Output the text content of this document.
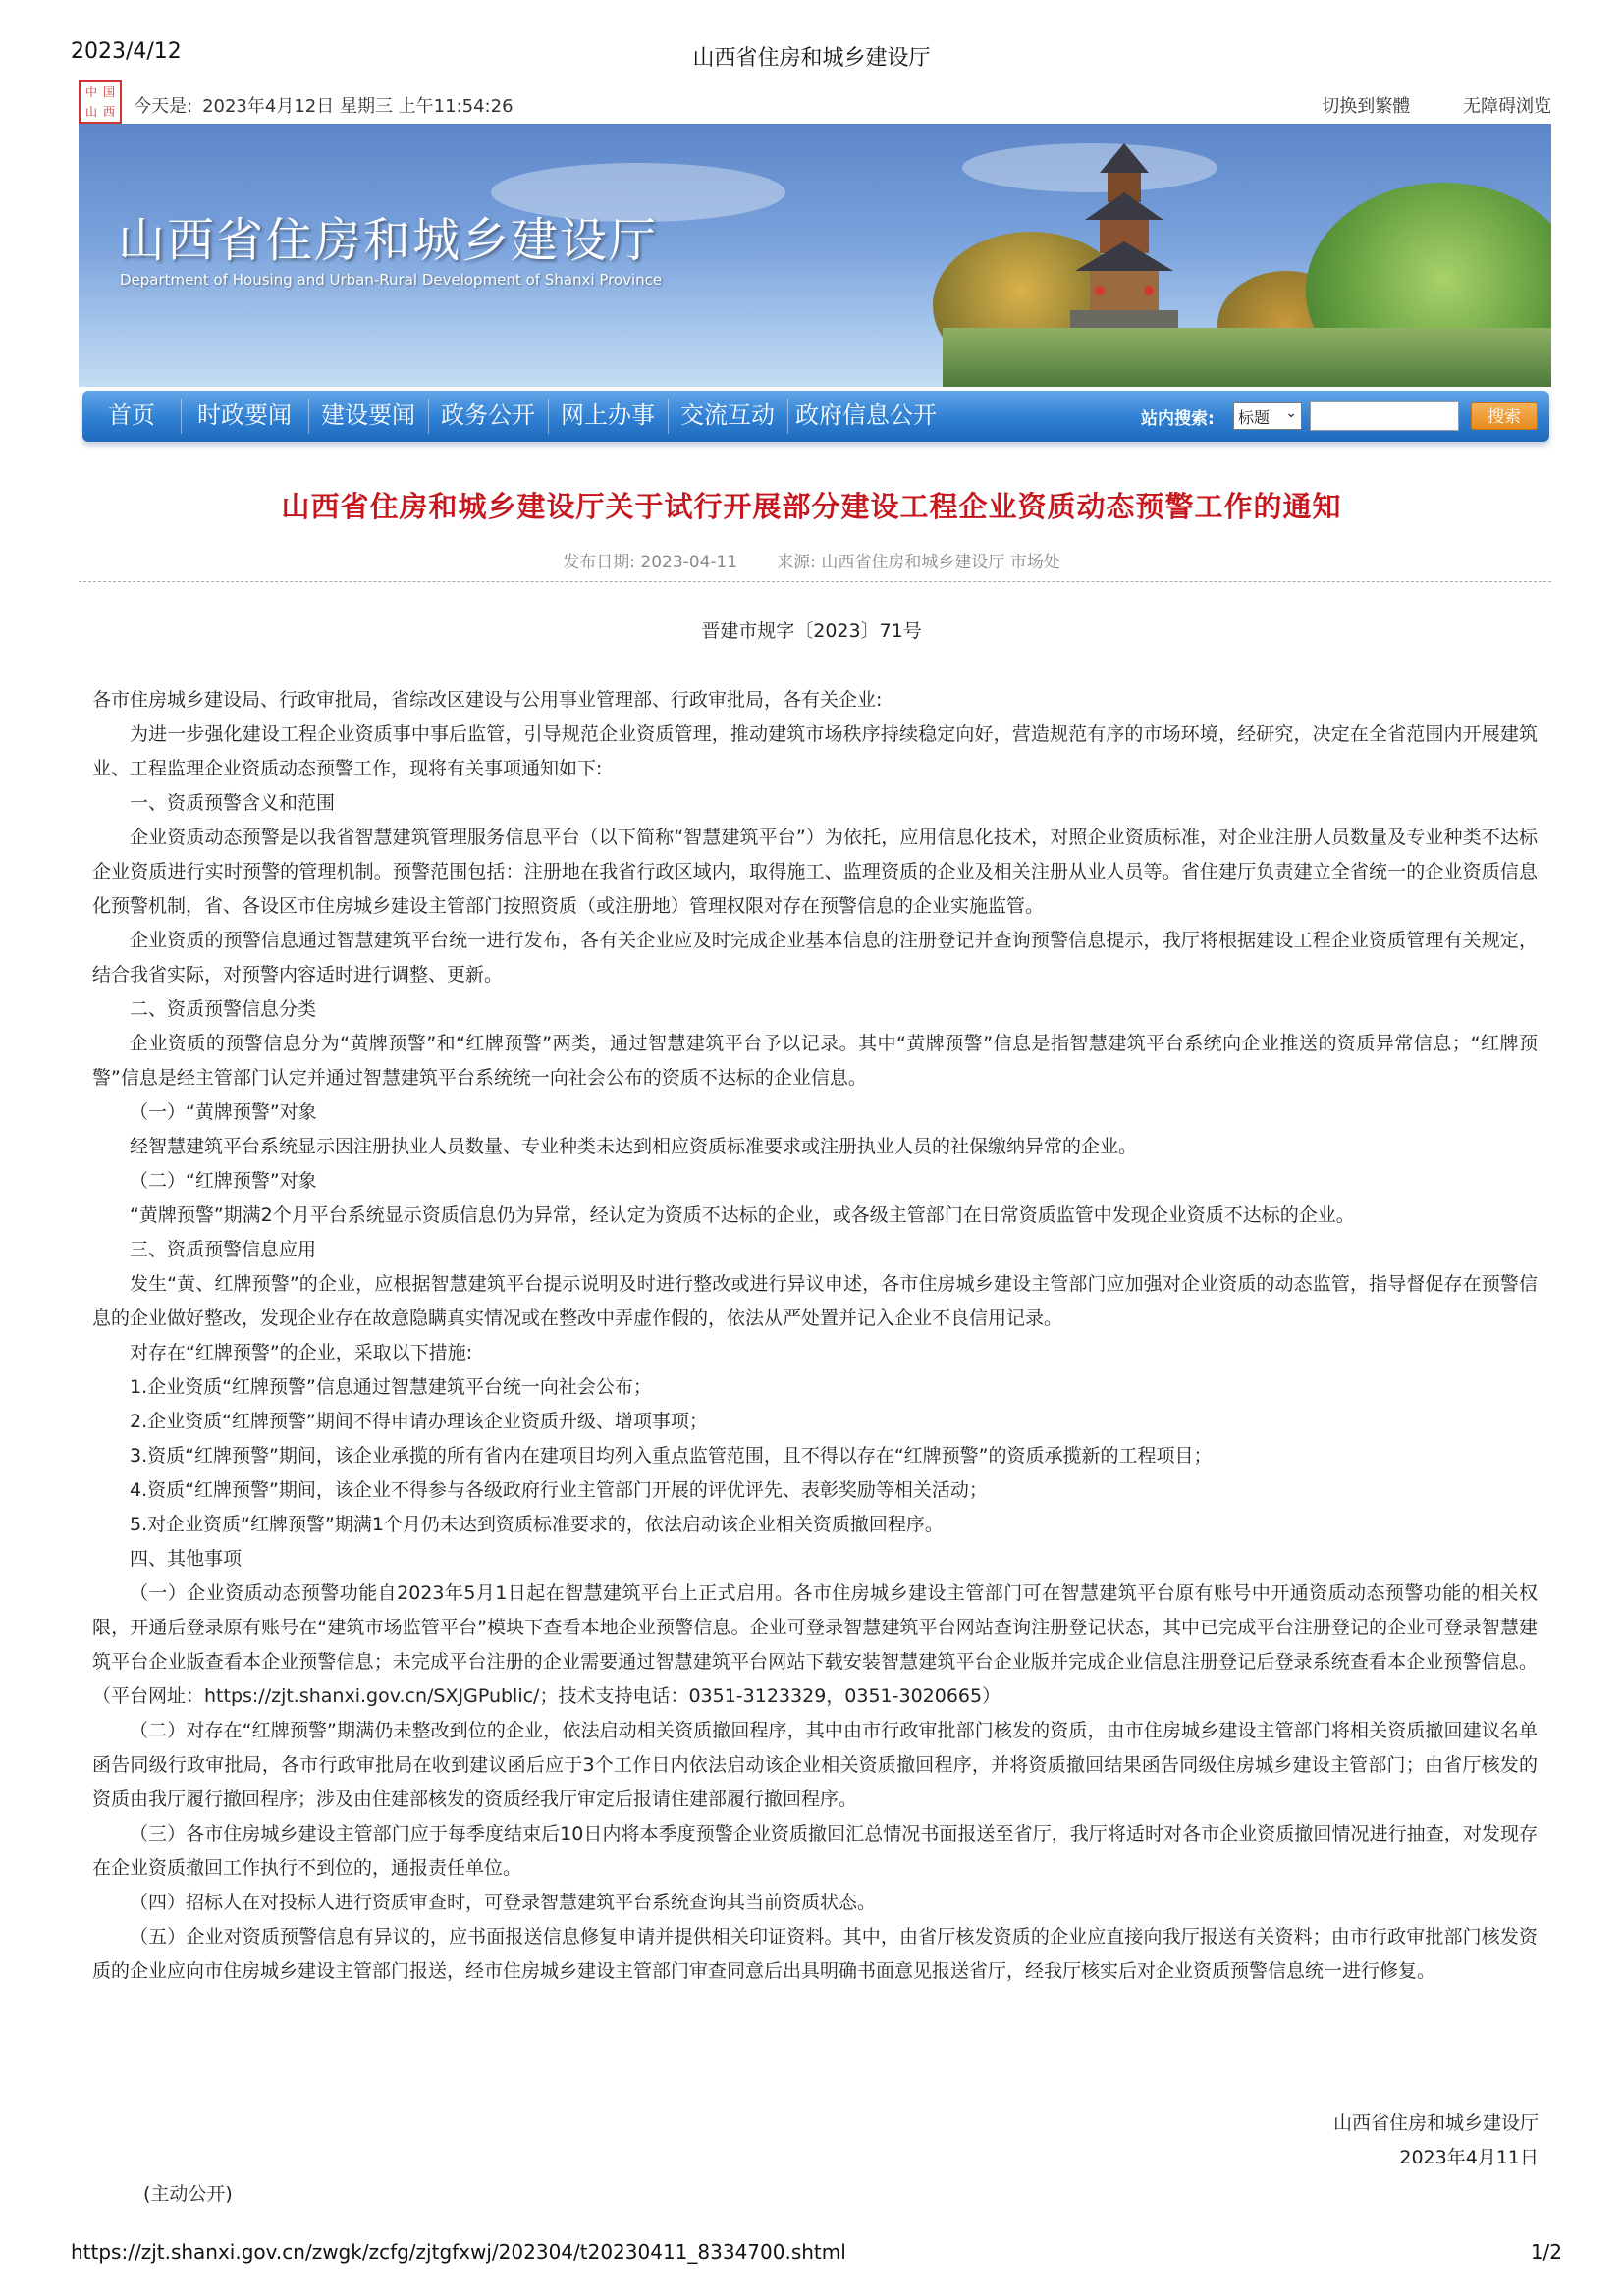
2023/4/12	山西省住房和城乡建设厅
中 国
山 西 今天是: 2023年4月12日 星期三 上午11:54:26	切换到繁體	无障碍浏览
山西省住房和城乡建设厅
Department of Housing and Urban-Rural Development of Shanxi Province
首页	时政要闻	建设要闻	政务公开	网上办事	交流互动 政府信息公开	站内搜索:	标题 ⌄	搜索
山西省住房和城乡建设厅关于试行开展部分建设工程企业资质动态预警工作的通知
发布日期: 2023-04-11 来源: 山西省住房和城乡建设厅 市场处
晋建市规字〔2023〕71号

各市住房城乡建设局、行政审批局，省综改区建设与公用事业管理部、行政审批局，各有关企业:

为进一步强化建设工程企业资质事中事后监管，引导规范企业资质管理，推动建筑市场秩序持续稳定向好，营造规范有序的市场环境，经研究，决定在全省范围内开展建筑业、工程监理企业资质动态预警工作，现将有关事项通知如下:

一、资质预警含义和范围

企业资质动态预警是以我省智慧建筑管理服务信息平台（以下简称“智慧建筑平台”）为依托，应用信息化技术，对照企业资质标准，对企业注册人员数量及专业种类不达标企业资质进行实时预警的管理机制。预警范围包括：注册地在我省行政区域内，取得施工、监理资质的企业及相关注册从业人员等。省住建厅负责建立全省统一的企业资质信息化预警机制，省、各设区市住房城乡建设主管部门按照资质（或注册地）管理权限对存在预警信息的企业实施监管。

企业资质的预警信息通过智慧建筑平台统一进行发布，各有关企业应及时完成企业基本信息的注册登记并查询预警信息提示，我厅将根据建设工程企业资质管理有关规定，结合我省实际，对预警内容适时进行调整、更新。

二、资质预警信息分类

企业资质的预警信息分为“黄牌预警”和“红牌预警”两类，通过智慧建筑平台予以记录。其中“黄牌预警”信息是指智慧建筑平台系统向企业推送的资质异常信息；“红牌预警”信息是经主管部门认定并通过智慧建筑平台系统统一向社会公布的资质不达标的企业信息。

（一）“黄牌预警”对象

经智慧建筑平台系统显示因注册执业人员数量、专业种类未达到相应资质标准要求或注册执业人员的社保缴纳异常的企业。

（二）“红牌预警”对象

“黄牌预警”期满2个月平台系统显示资质信息仍为异常，经认定为资质不达标的企业，或各级主管部门在日常资质监管中发现企业资质不达标的企业。

三、资质预警信息应用

发生“黄、红牌预警”的企业，应根据智慧建筑平台提示说明及时进行整改或进行异议申述，各市住房城乡建设主管部门应加强对企业资质的动态监管，指导督促存在预警信息的企业做好整改，发现企业存在故意隐瞒真实情况或在整改中弄虚作假的，依法从严处置并记入企业不良信用记录。

对存在“红牌预警”的企业，采取以下措施:

1.企业资质“红牌预警”信息通过智慧建筑平台统一向社会公布；

2.企业资质“红牌预警”期间不得申请办理该企业资质升级、增项事项；

3.资质“红牌预警”期间，该企业承揽的所有省内在建项目均列入重点监管范围，且不得以存在“红牌预警”的资质承揽新的工程项目；

4.资质“红牌预警”期间，该企业不得参与各级政府行业主管部门开展的评优评先、表彰奖励等相关活动；

5.对企业资质“红牌预警”期满1个月仍未达到资质标准要求的，依法启动该企业相关资质撤回程序。

四、其他事项

（一）企业资质动态预警功能自2023年5月1日起在智慧建筑平台上正式启用。各市住房城乡建设主管部门可在智慧建筑平台原有账号中开通资质动态预警功能的相关权限，开通后登录原有账号在“建筑市场监管平台”模块下查看本地企业预警信息。企业可登录智慧建筑平台网站查询注册登记状态，其中已完成平台注册登记的企业可登录智慧建筑平台企业版查看本企业预警信息；未完成平台注册的企业需要通过智慧建筑平台网站下载安装智慧建筑平台企业版并完成企业信息注册登记后登录系统查看本企业预警信息。（平台网址：https://zjt.shanxi.gov.cn/SXJGPublic/；技术支持电话：0351-3123329，0351-3020665）

（二）对存在“红牌预警”期满仍未整改到位的企业，依法启动相关资质撤回程序，其中由市行政审批部门核发的资质，由市住房城乡建设主管部门将相关资质撤回建议名单函告同级行政审批局，各市行政审批局在收到建议函后应于3个工作日内依法启动该企业相关资质撤回程序，并将资质撤回结果函告同级住房城乡建设主管部门；由省厅核发的资质由我厅履行撤回程序；涉及由住建部核发的资质经我厅审定后报请住建部履行撤回程序。

（三）各市住房城乡建设主管部门应于每季度结束后10日内将本季度预警企业资质撤回汇总情况书面报送至省厅，我厅将适时对各市企业资质撤回情况进行抽查，对发现存在企业资质撤回工作执行不到位的，通报责任单位。

（四）招标人在对投标人进行资质审查时，可登录智慧建筑平台系统查询其当前资质状态。

（五）企业对资质预警信息有异议的，应书面报送信息修复申请并提供相关印证资料。其中，由省厅核发资质的企业应直接向我厅报送有关资料；由市行政审批部门核发资质的企业应向市住房城乡建设主管部门报送，经市住房城乡建设主管部门审查同意后出具明确书面意见报送省厅，经我厅核实后对企业资质预警信息统一进行修复。

山西省住房和城乡建设厅
2023年4月11日
(主动公开)
https://zjt.shanxi.gov.cn/zwgk/zcfg/zjtgfxwj/202304/t20230411_8334700.shtml	1/2
